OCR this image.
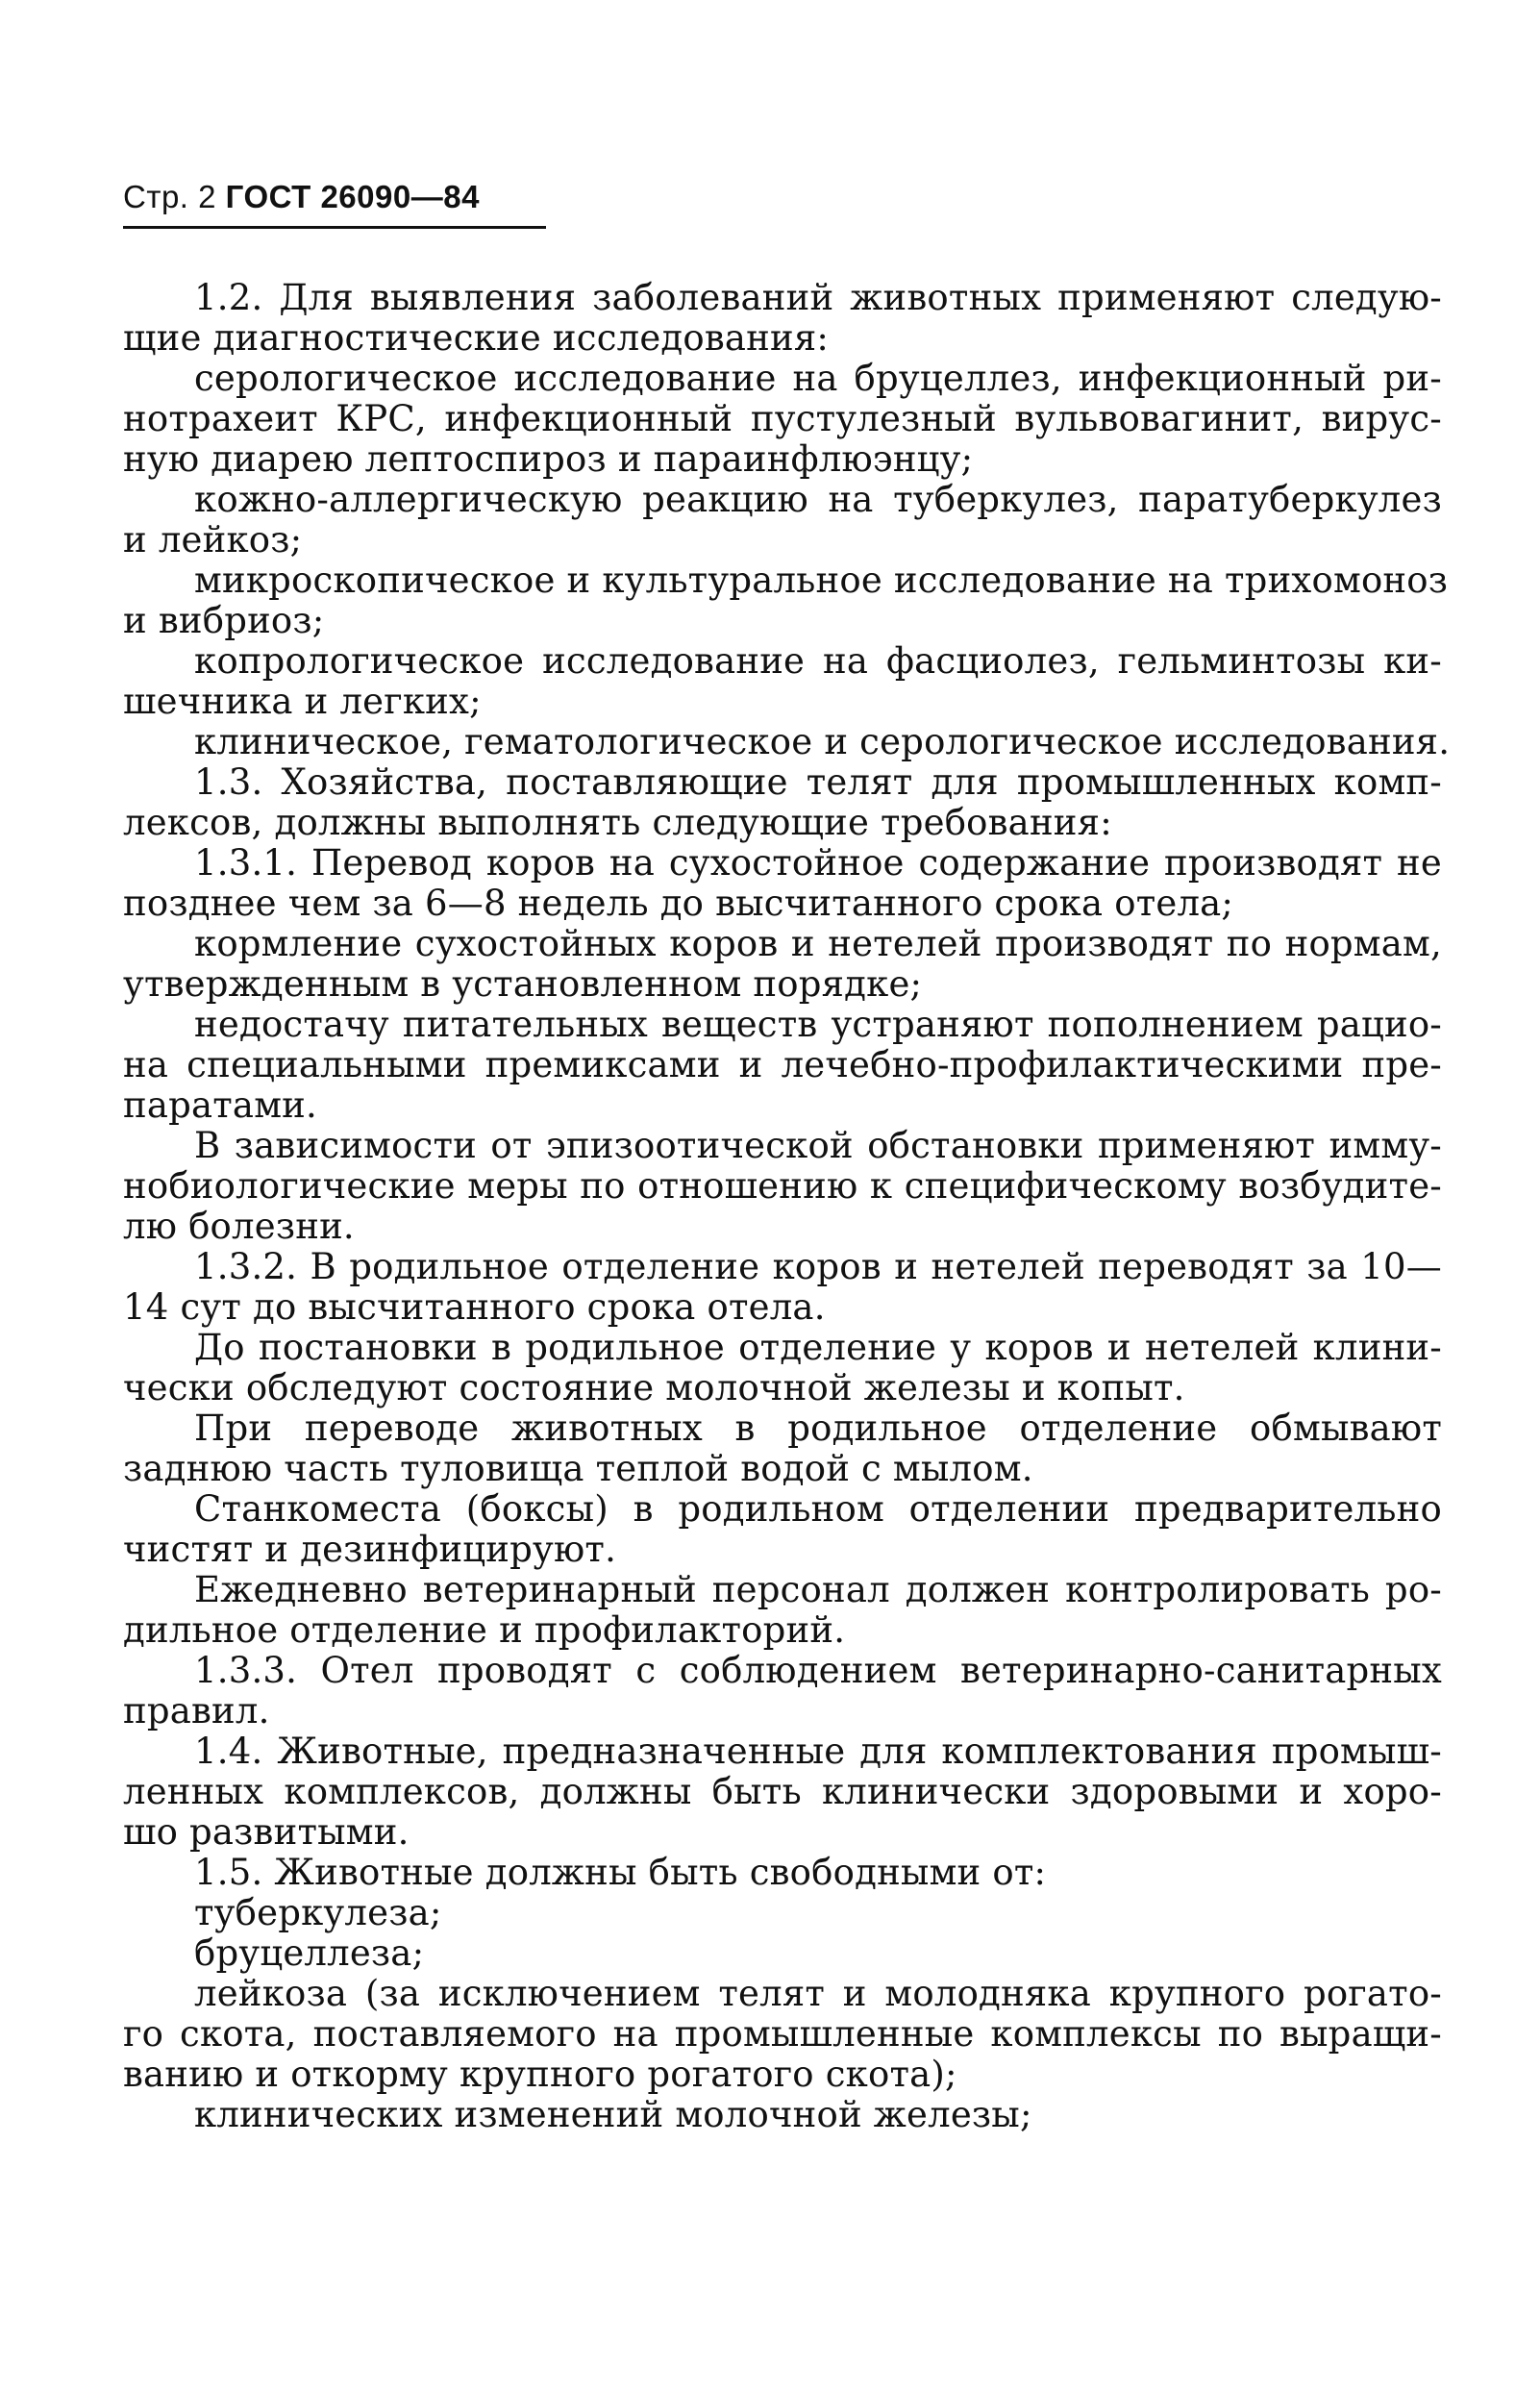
Стр. 2 ГОСТ 26090—84
1.2. Для выявления заболеваний животных применяют следую-
щие диагностические исследования:
серологическое исследование на бруцеллез, инфекционный ри-
нотрахеит КРС, инфекционный пустулезный вульвовагинит, вирус-
ную диарею лептоспироз и параинфлюэнцу;
кожно-аллергическую реакцию на туберкулез, паратуберкулез
и лейкоз;
микроскопическое и культуральное исследование на трихомоноз
и вибриоз;
копрологическое исследование на фасциолез, гельминтозы ки-
шечника и легких;
клиническое, гематологическое и серологическое исследования.
1.3. Хозяйства, поставляющие телят для промышленных комп-
лексов, должны выполнять следующие требования:
1.3.1. Перевод коров на сухостойное содержание производят не
позднее чем за 6—8 недель до высчитанного срока отела;
кормление сухостойных коров и нетелей производят по нормам,
утвержденным в установленном порядке;
недостачу питательных веществ устраняют пополнением рацио-
на специальными премиксами и лечебно-профилактическими пре-
паратами.
В зависимости от эпизоотической обстановки применяют имму-
нобиологические меры по отношению к специфическому возбудите-
лю болезни.
1.3.2. В родильное отделение коров и нетелей переводят за 10—
14 сут до высчитанного срока отела.
До постановки в родильное отделение у коров и нетелей клини-
чески обследуют состояние молочной железы и копыт.
При переводе животных в родильное отделение обмывают
заднюю часть туловища теплой водой с мылом.
Станкоместа (боксы) в родильном отделении предварительно
чистят и дезинфицируют.
Ежедневно ветеринарный персонал должен контролировать ро-
дильное отделение и профилакторий.
1.3.3. Отел проводят с соблюдением ветеринарно-санитарных
правил.
1.4. Животные, предназначенные для комплектования промыш-
ленных комплексов, должны быть клинически здоровыми и хоро-
шо развитыми.
1.5. Животные должны быть свободными от:
туберкулеза;
бруцеллеза;
лейкоза (за исключением телят и молодняка крупного рогато-
го скота, поставляемого на промышленные комплексы по выращи-
ванию и откорму крупного рогатого скота);
клинических изменений молочной железы;
